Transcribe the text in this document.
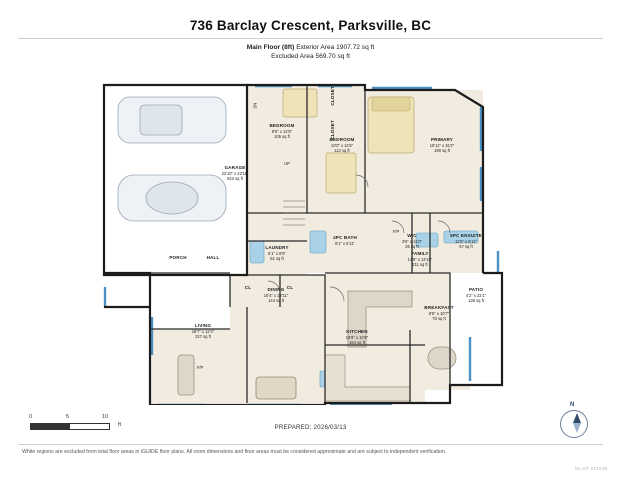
736 Barclay Crescent, Parksville, BC
Main Floor (8ft) Exterior Area 1907.72 sq ft
Excluded Area 569.70 sq ft
GARAGE
22'10" x 22'11"
523 sq ft
BEDROOM
9'0" x 12'8"
105 sq ft
CLOSET
CLOSET
BEDROOM
10'0" x 11'5"
113 sq ft
PRIMARY
10'11" x 15'2"
190 sq ft
4PC BATH
8'1" x 5'11"
WIC
3'6" x 11'0"
26 sq ft
5PC ENSUITE
11'5" x 6'11"
67 sq ft
LAUNDRY
6'1" x 8'5"
51 sq ft
CL	CL
PORCH	HALL
FAMILY
14'9" x 13'10"
211 sq ft
PATIO
4'2" x 22'1"
136 sq ft
DINING
10'4" x 12'11"
144 sq ft
LIVING
18'7" x 12'4"
227 sq ft
KITCHEN
13'8" x 10'6"
164 sq ft
BREAKFAST
8'5" x 10'7"
78 sq ft
F/P
F/P
UP
DN
0	5	10
ft
N
PREPARED: 2026/03/13
White regions are excluded from total floor areas in iGUIDE floor plans. All room dimensions and floor areas must be considered approximate and are subject to independent verification.
MLS® 921535
